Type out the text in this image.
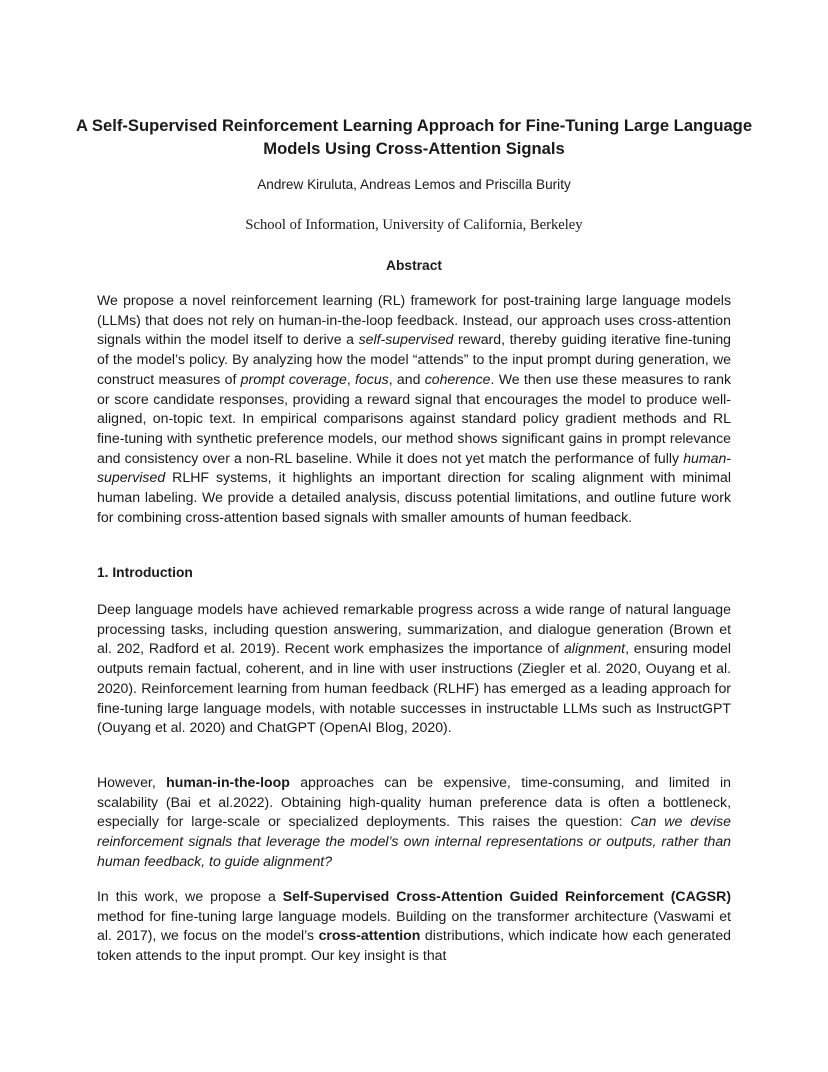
A Self-Supervised Reinforcement Learning Approach for Fine-Tuning Large Language Models Using Cross-Attention Signals
Andrew Kiruluta, Andreas Lemos and Priscilla Burity
School of Information, University of California, Berkeley
Abstract

We propose a novel reinforcement learning (RL) framework for post-training large language models (LLMs) that does not rely on human-in-the-loop feedback. Instead, our approach uses cross-attention signals within the model itself to derive a self-supervised reward, thereby guiding iterative fine-tuning of the model’s policy. By analyzing how the model “attends” to the input prompt during generation, we construct measures of prompt coverage, focus, and coherence. We then use these measures to rank or score candidate responses, providing a reward signal that encourages the model to produce well-aligned, on-topic text. In empirical comparisons against standard policy gradient methods and RL fine-tuning with synthetic preference models, our method shows significant gains in prompt relevance and consistency over a non-RL baseline. While it does not yet match the performance of fully human-supervised RLHF systems, it highlights an important direction for scaling alignment with minimal human labeling. We provide a detailed analysis, discuss potential limitations, and outline future work for combining cross-attention based signals with smaller amounts of human feedback.

1. Introduction

Deep language models have achieved remarkable progress across a wide range of natural language processing tasks, including question answering, summarization, and dialogue generation (Brown et al. 202, Radford et al. 2019). Recent work emphasizes the importance of alignment, ensuring model outputs remain factual, coherent, and in line with user instructions (Ziegler et al. 2020, Ouyang et al. 2020). Reinforcement learning from human feedback (RLHF) has emerged as a leading approach for fine-tuning large language models, with notable successes in instructable LLMs such as InstructGPT (Ouyang et al. 2020) and ChatGPT (OpenAI Blog, 2020).

However, human-in-the-loop approaches can be expensive, time-consuming, and limited in scalability (Bai et al.2022). Obtaining high-quality human preference data is often a bottleneck, especially for large-scale or specialized deployments. This raises the question: Can we devise reinforcement signals that leverage the model’s own internal representations or outputs, rather than human feedback, to guide alignment?

In this work, we propose a Self-Supervised Cross-Attention Guided Reinforcement (CAGSR) method for fine-tuning large language models. Building on the transformer architecture (Vaswami et al. 2017), we focus on the model’s cross-attention distributions, which indicate how each generated token attends to the input prompt. Our key insight is that
